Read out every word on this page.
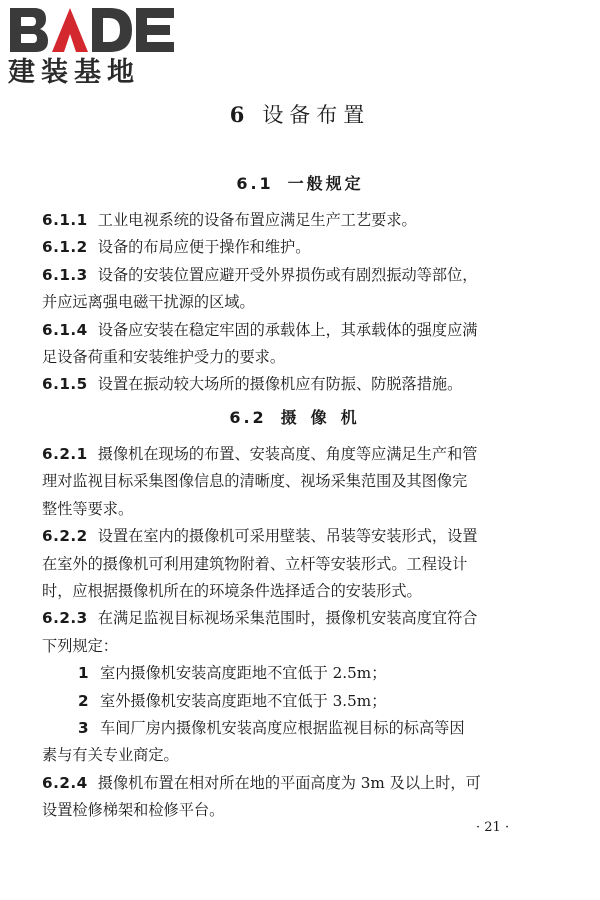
建装基地
6 设备布置
6.1 一般规定
6.1.1 工业电视系统的设备布置应满足生产工艺要求。
6.1.2 设备的布局应便于操作和维护。
6.1.3 设备的安装位置应避开受外界损伤或有剧烈振动等部位，
并应远离强电磁干扰源的区域。
6.1.4 设备应安装在稳定牢固的承载体上，其承载体的强度应满
足设备荷重和安装维护受力的要求。
6.1.5 设置在振动较大场所的摄像机应有防振、防脱落措施。
6.2 摄像机
6.2.1 摄像机在现场的布置、安装高度、角度等应满足生产和管
理对监视目标采集图像信息的清晰度、视场采集范围及其图像完
整性等要求。
6.2.2 设置在室内的摄像机可采用壁装、吊装等安装形式，设置
在室外的摄像机可利用建筑物附着、立杆等安装形式。工程设计
时，应根据摄像机所在的环境条件选择适合的安装形式。
6.2.3 在满足监视目标视场采集范围时，摄像机安装高度宜符合
下列规定：
1 室内摄像机安装高度距地不宜低于 2.5m；
2 室外摄像机安装高度距地不宜低于 3.5m；
3 车间厂房内摄像机安装高度应根据监视目标的标高等因
素与有关专业商定。
6.2.4 摄像机布置在相对所在地的平面高度为 3m 及以上时，可
设置检修梯架和检修平台。
· 21 ·
